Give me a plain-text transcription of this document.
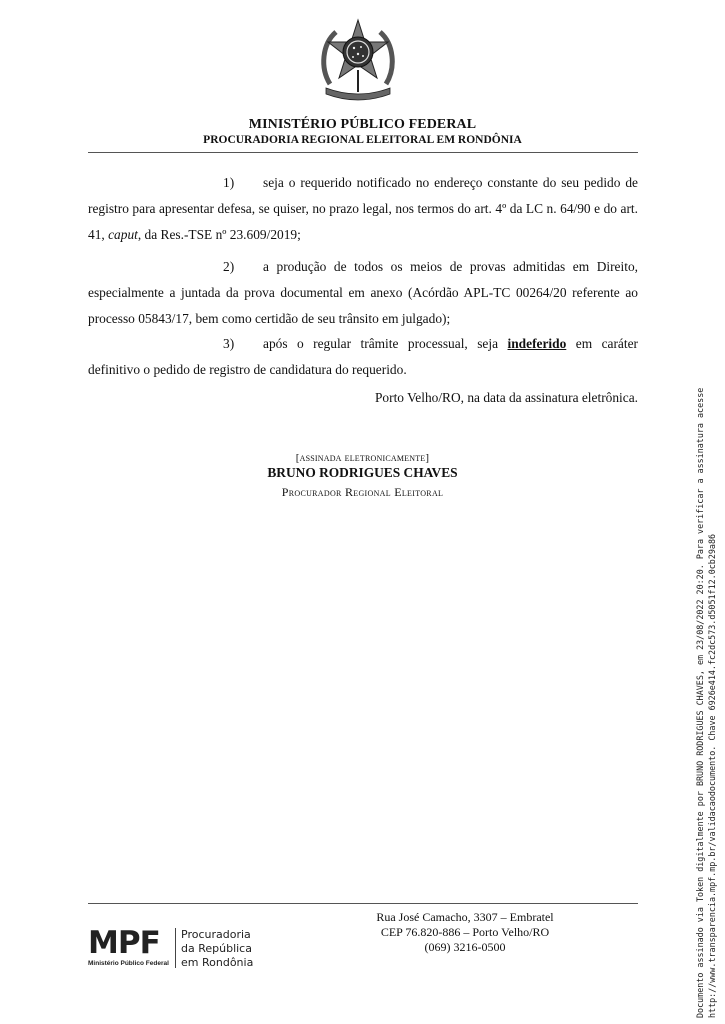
MINISTÉRIO PÚBLICO FEDERAL
PROCURADORIA REGIONAL ELEITORAL EM RONDÔNIA

1) seja o requerido notificado no endereço constante do seu pedido de registro para apresentar defesa, se quiser, no prazo legal, nos termos do art. 4º da LC n. 64/90 e do art. 41, caput, da Res.-TSE nº 23.609/2019;

2) a produção de todos os meios de provas admitidas em Direito, especialmente a juntada da prova documental em anexo (Acórdão APL-TC 00264/20 referente ao processo 05843/17, bem como certidão de seu trânsito em julgado);

3) após o regular trâmite processual, seja indeferido em caráter definitivo o pedido de registro de candidatura do requerido.

Porto Velho/RO, na data da assinatura eletrônica.
[assinada eletronicamente]
BRUNO RODRIGUES CHAVES
Procurador Regional Eleitoral	Documento assinado via Token digitalmente por BRUNO RODRIGUES CHAVES, em 23/08/2022 20:20. Para verificar a assinatura acesse http://www.transparencia.mpf.mp.br/validacaodocumento. Chave 6926e414.fc2dc573.d5051f12.0cb29a86
MPF
Ministério Público Federal
Procuradoria
da República
em Rondônia
Rua José Camacho, 3307 – Embratel
CEP 76.820-886 – Porto Velho/RO
(069) 3216-0500
